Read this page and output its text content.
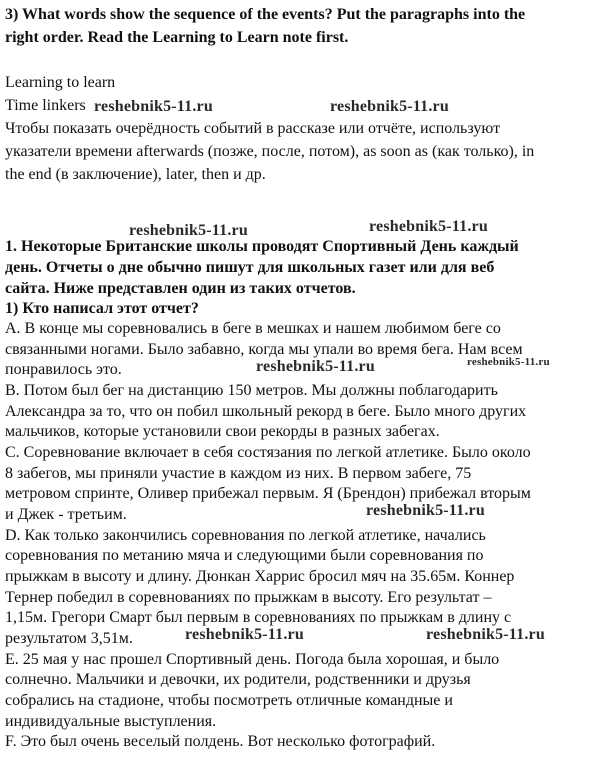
3) What words show the sequence of the events? Put the paragraphs into the
right order. Read the Learning to Learn note first.
Learning to learn
Time linkers
Чтобы показать очерёдность событий в рассказе или отчёте, используют
указатели времени afterwards (позже, после, потом), as soon as (как только), in
the end (в заключение), later, then и др.
1. Некоторые Британские школы проводят Спортивный День каждый
день. Отчеты о дне обычно пишут для школьных газет или для веб
сайта. Ниже представлен один из таких отчетов.
1) Кто написал этот отчет?
А. В конце мы соревновались в беге в мешках и нашем любимом беге со
связанными ногами. Было забавно, когда мы упали во время бега. Нам всем
понравилось это.
B. Потом был бег на дистанцию 150 метров. Мы должны поблагодарить
Александра за то, что он побил школьный рекорд в беге. Было много других
мальчиков, которые установили свои рекорды в разных забегах.
С. Соревнование включает в себя состязания по легкой атлетике. Было около
8 забегов, мы приняли участие в каждом из них. В первом забеге, 75
метровом спринте, Оливер прибежал первым. Я (Брендон) прибежал вторым
и Джек - третьим.
D. Как только закончились соревнования по легкой атлетике, начались
соревнования по метанию мяча и следующими были соревнования по
прыжкам в высоту и длину. Дюнкан Харрис бросил мяч на 35.65м. Коннер
Тернер победил в соревнованиях по прыжкам в высоту. Его результат –
1,15м. Грегори Смарт был первым в соревнованиях по прыжкам в длину с
результатом 3,51м.
E. 25 мая у нас прошел Спортивный день. Погода была хорошая, и было
солнечно. Мальчики и девочки, их родители, родственники и друзья
собрались на стадионе, чтобы посмотреть отличные командные и
индивидуальные выступления.
F. Это был очень веселый полдень. Вот несколько фотографий.
reshebnik5-11.ru	reshebnik5-11.ru
reshebnik5-11.ru	reshebnik5-11.ru
reshebnik5-11.ru	reshebnik5-11.ru
reshebnik5-11.ru
reshebnik5-11.ru	reshebnik5-11.ru
